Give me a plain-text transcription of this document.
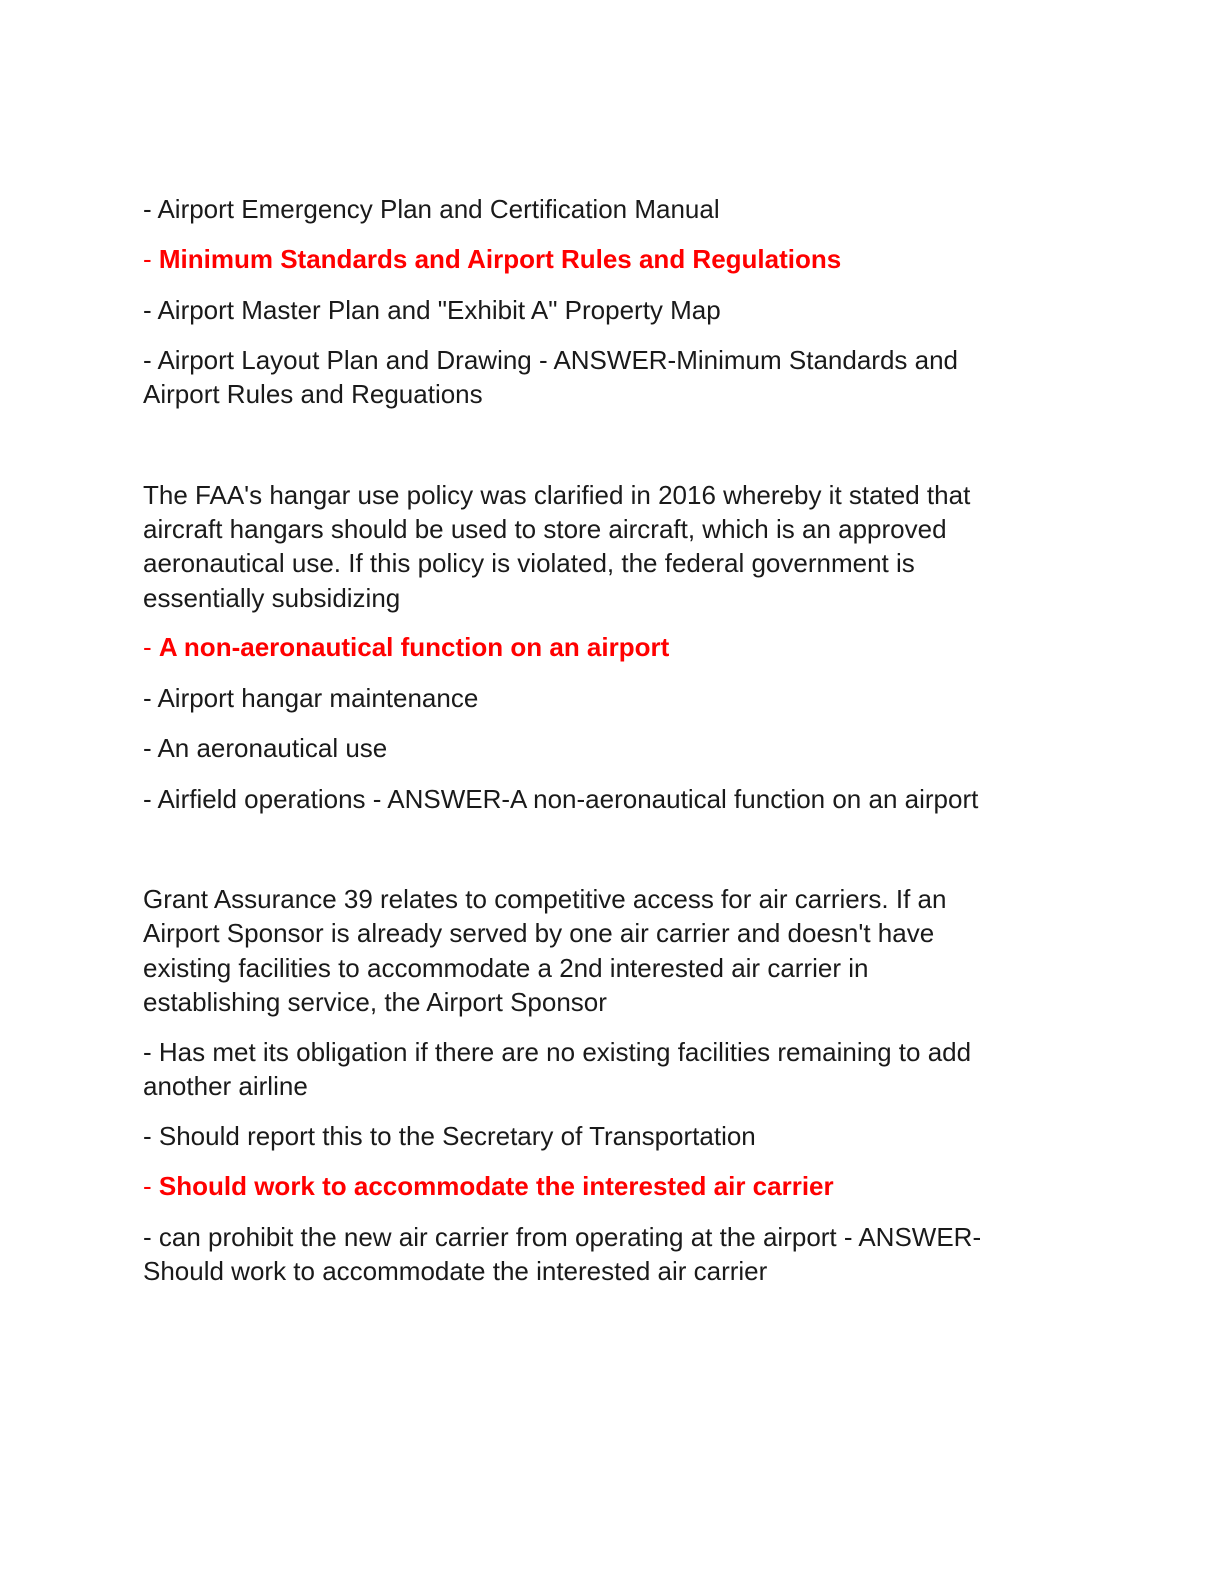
- Airport Emergency Plan and Certification Manual
- Minimum Standards and Airport Rules and Regulations
- Airport Master Plan and "Exhibit A" Property Map
- Airport Layout Plan and Drawing - ANSWER-Minimum Standards and
Airport Rules and Reguations
The FAA's hangar use policy was clarified in 2016 whereby it stated that
aircraft hangars should be used to store aircraft, which is an approved
aeronautical use. If this policy is violated, the federal government is
essentially subsidizing
- A non-aeronautical function on an airport
- Airport hangar maintenance
- An aeronautical use
- Airfield operations - ANSWER-A non-aeronautical function on an airport
Grant Assurance 39 relates to competitive access for air carriers. If an
Airport Sponsor is already served by one air carrier and doesn't have
existing facilities to accommodate a 2nd interested air carrier in
establishing service, the Airport Sponsor
- Has met its obligation if there are no existing facilities remaining to add
another airline
- Should report this to the Secretary of Transportation
- Should work to accommodate the interested air carrier
- can prohibit the new air carrier from operating at the airport - ANSWER-
Should work to accommodate the interested air carrier
